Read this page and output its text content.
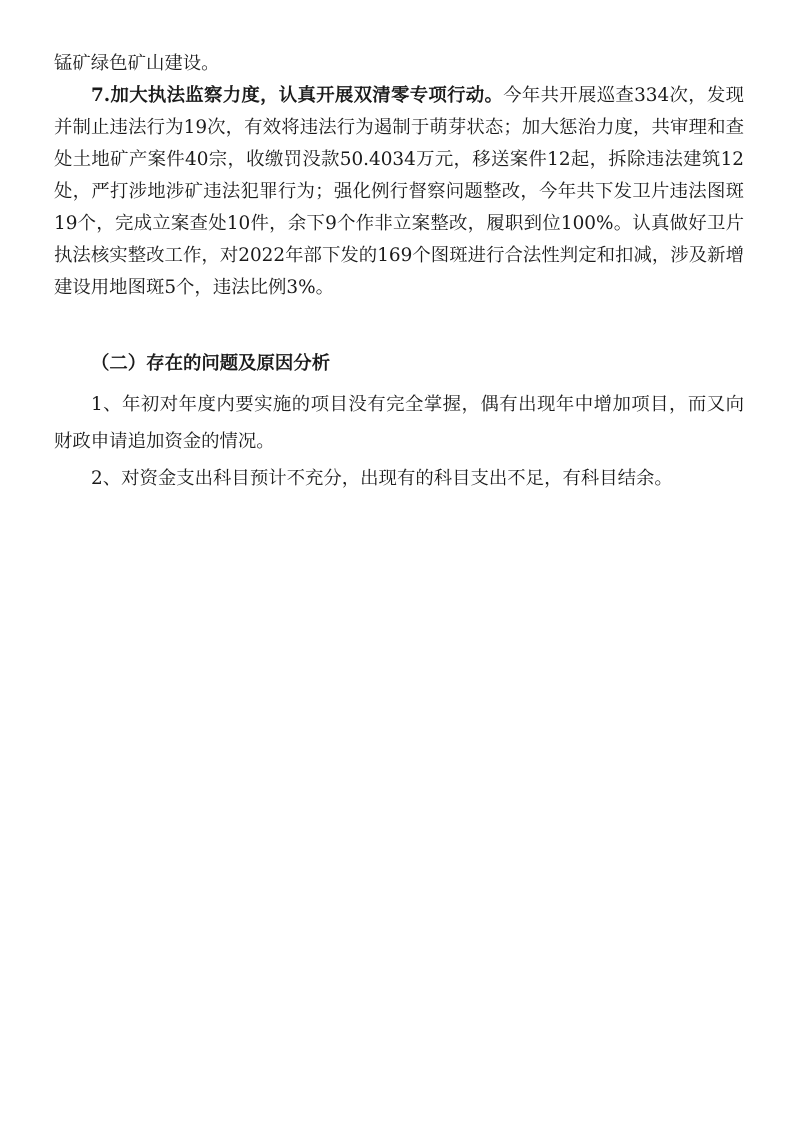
锰矿绿色矿山建设。

7.加大执法监察力度，认真开展双清零专项行动。今年共开展巡查334次，发现并制止违法行为19次，有效将违法行为遏制于萌芽状态；加大惩治力度，共审理和查处土地矿产案件40宗，收缴罚没款50.4034万元，移送案件12起，拆除违法建筑12处，严打涉地涉矿违法犯罪行为；强化例行督察问题整改，今年共下发卫片违法图斑19个，完成立案查处10件，余下9个作非立案整改，履职到位100%。认真做好卫片执法核实整改工作，对2022年部下发的169个图斑进行合法性判定和扣减，涉及新增建设用地图斑5个，违法比例3%。

（二）存在的问题及原因分析

1、年初对年度内要实施的项目没有完全掌握，偶有出现年中增加项目，而又向财政申请追加资金的情况。

2、对资金支出科目预计不充分，出现有的科目支出不足，有科目结余。
